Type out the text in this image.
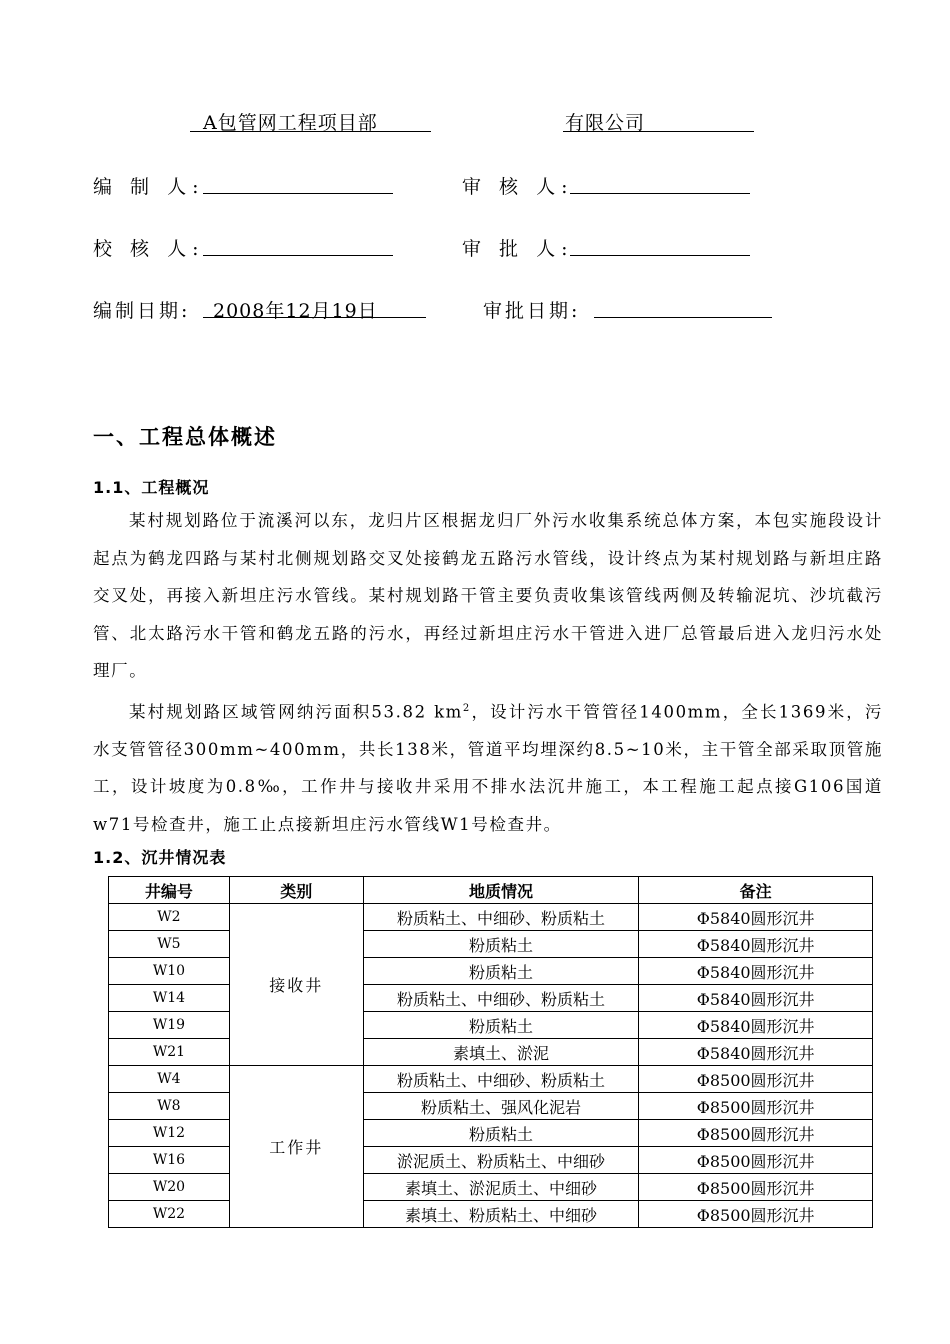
A包管网工程项目部	有限公司
编 制 人:	审 核 人:
校 核 人:	审 批 人:
编制日期: 2008年12月19日	审批日期:
一、工程总体概述
1.1、工程概况

某村规划路位于流溪河以东，龙归片区根据龙归厂外污水收集系统总体方案，本包实施段设计起点为鹤龙四路与某村北侧规划路交叉处接鹤龙五路污水管线，设计终点为某村规划路与新坦庄路交叉处，再接入新坦庄污水管线。某村规划路干管主要负责收集该管线两侧及转输泥坑、沙坑截污管、北太路污水干管和鹤龙五路的污水，再经过新坦庄污水干管进入进厂总管最后进入龙归污水处理厂。

某村规划路区域管网纳污面积53.82 $km^2$，设计污水干管管径1400mm，全长1369米，污水支管管径300mm~400mm，共长138米，管道平均埋深约8.5~10米，主干管全部采取顶管施工，设计坡度为0.8‰，工作井与接收井采用不排水法沉井施工，本工程施工起点接G106国道w71号检查井，施工止点接新坦庄污水管线W1号检查井。

1.2、沉井情况表
井编号	类别	地质情况	备注
W2	接收井	粉质粘土、中细砂、粉质粘土	Φ5840圆形沉井
W5		粉质粘土	Φ5840圆形沉井
W10		粉质粘土	Φ5840圆形沉井
W14		粉质粘土、中细砂、粉质粘土	Φ5840圆形沉井
W19		粉质粘土	Φ5840圆形沉井
W21		素填土、淤泥	Φ5840圆形沉井
W4	工作井	粉质粘土、中细砂、粉质粘土	Φ8500圆形沉井
W8		粉质粘土、强风化泥岩	Φ8500圆形沉井
W12		粉质粘土	Φ8500圆形沉井
W16		淤泥质土、粉质粘土、中细砂	Φ8500圆形沉井
W20		素填土、淤泥质土、中细砂	Φ8500圆形沉井
W22		素填土、粉质粘土、中细砂	Φ8500圆形沉井
